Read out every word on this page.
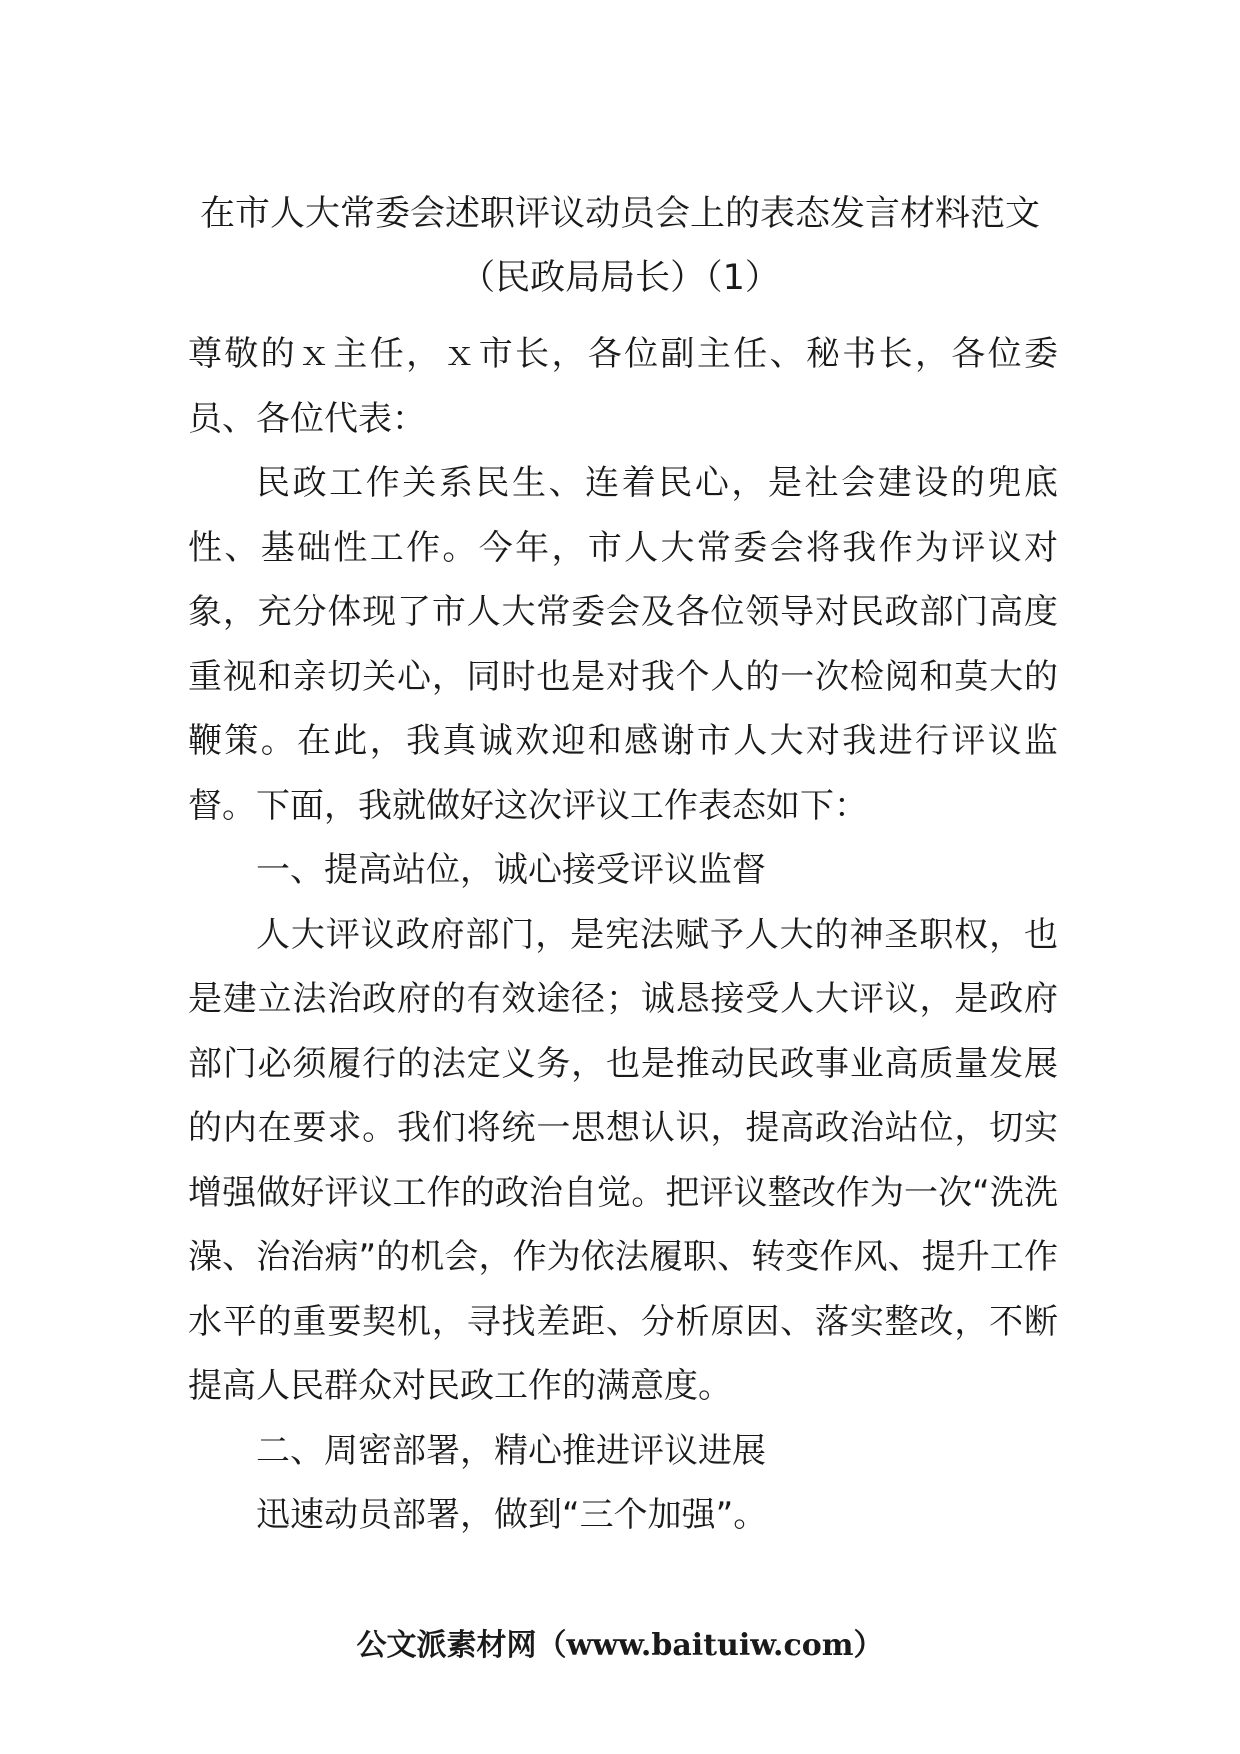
在市人大常委会述职评议动员会上的表态发言材料范文
（民政局局长）（1）

尊敬的ｘ主任，ｘ市长，各位副主任、秘书长，各位委员、各位代表：

民政工作关系民生、连着民心，是社会建设的兜底性、基础性工作。今年，市人大常委会将我作为评议对象，充分体现了市人大常委会及各位领导对民政部门高度重视和亲切关心，同时也是对我个人的一次检阅和莫大的鞭策。在此，我真诚欢迎和感谢市人大对我进行评议监督。下面，我就做好这次评议工作表态如下：

一、提高站位，诚心接受评议监督

人大评议政府部门，是宪法赋予人大的神圣职权，也是建立法治政府的有效途径；诚恳接受人大评议，是政府部门必须履行的法定义务，也是推动民政事业高质量发展的内在要求。我们将统一思想认识，提高政治站位，切实增强做好评议工作的政治自觉。把评议整改作为一次“洗洗澡、治治病”的机会，作为依法履职、转变作风、提升工作水平的重要契机，寻找差距、分析原因、落实整改，不断提高人民群众对民政工作的满意度。

二、周密部署，精心推进评议进展

迅速动员部署，做到“三个加强”。

公文派素材网（www.baituiw.com）
